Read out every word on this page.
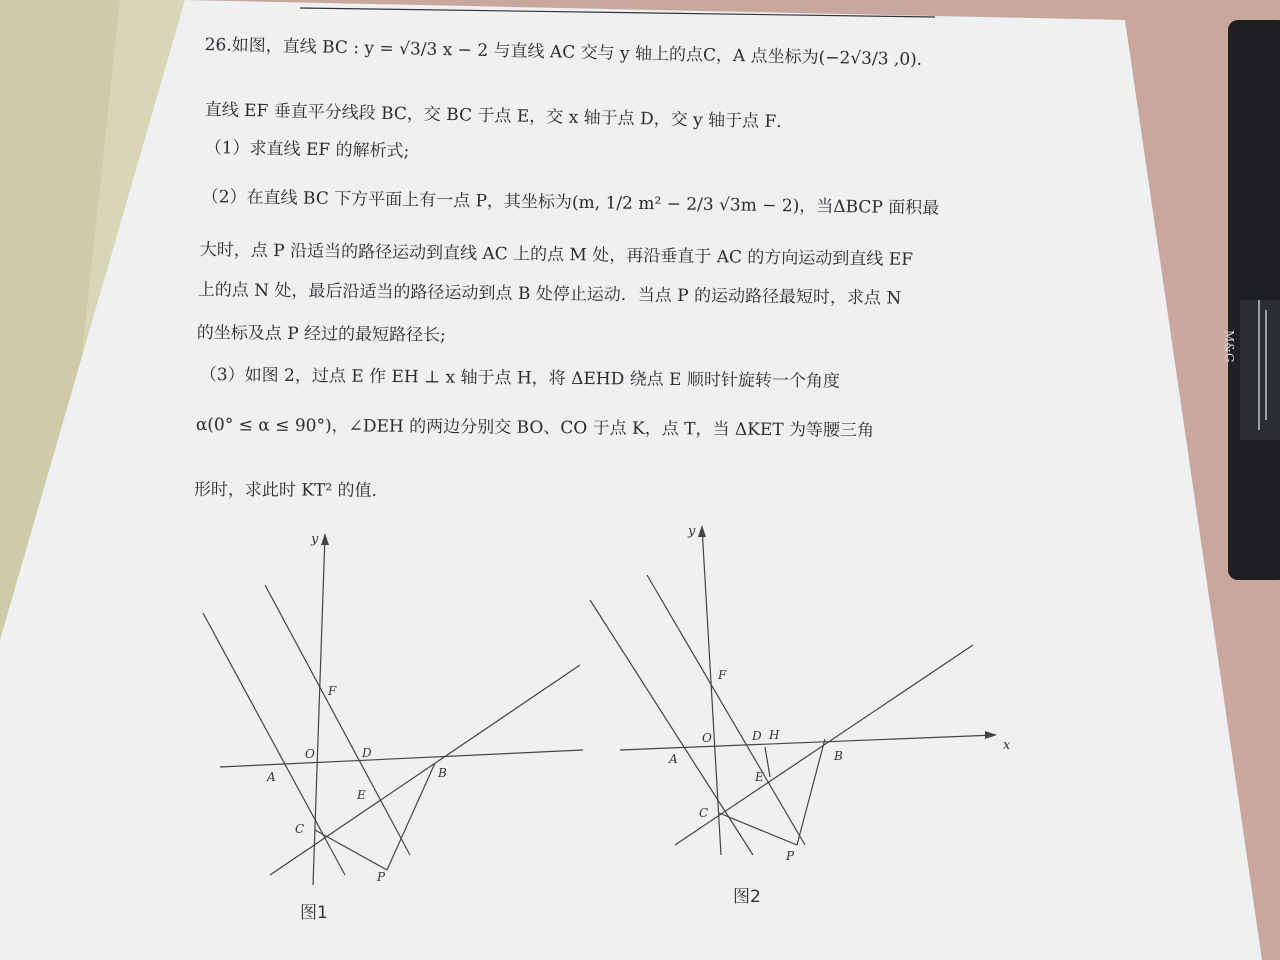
M&G
26.如图，直线 BC : y = √3/3 x − 2 与直线 AC 交与 y 轴上的点C，A 点坐标为(−2√3/3 ,0)．
直线 EF 垂直平分线段 BC，交 BC 于点 E，交 x 轴于点 D，交 y 轴于点 F．
（1）求直线 EF 的解析式;
（2）在直线 BC 下方平面上有一点 P，其坐标为(m, 1/2 m² − 2/3 √3m − 2)，当ΔBCP 面积最
大时，点 P 沿适当的路径运动到直线 AC 上的点 M 处，再沿垂直于 AC 的方向运动到直线 EF
上的点 N 处，最后沿适当的路径运动到点 B 处停止运动．当点 P 的运动路径最短时，求点 N
的坐标及点 P 经过的最短路径长;
（3）如图 2，过点 E 作 EH ⊥ x 轴于点 H，将 ΔEHD 绕点 E 顺时针旋转一个角度
α(0° ≤ α ≤ 90°)，∠DEH 的两边分别交 BO、CO 于点 K，点 T，当 ΔKET 为等腰三角
形时，求此时 KT² 的值.
y
F
O	D
A	B
E
C
P
图1
y
x
F
O	D H
A	B
E
C
P
图2
